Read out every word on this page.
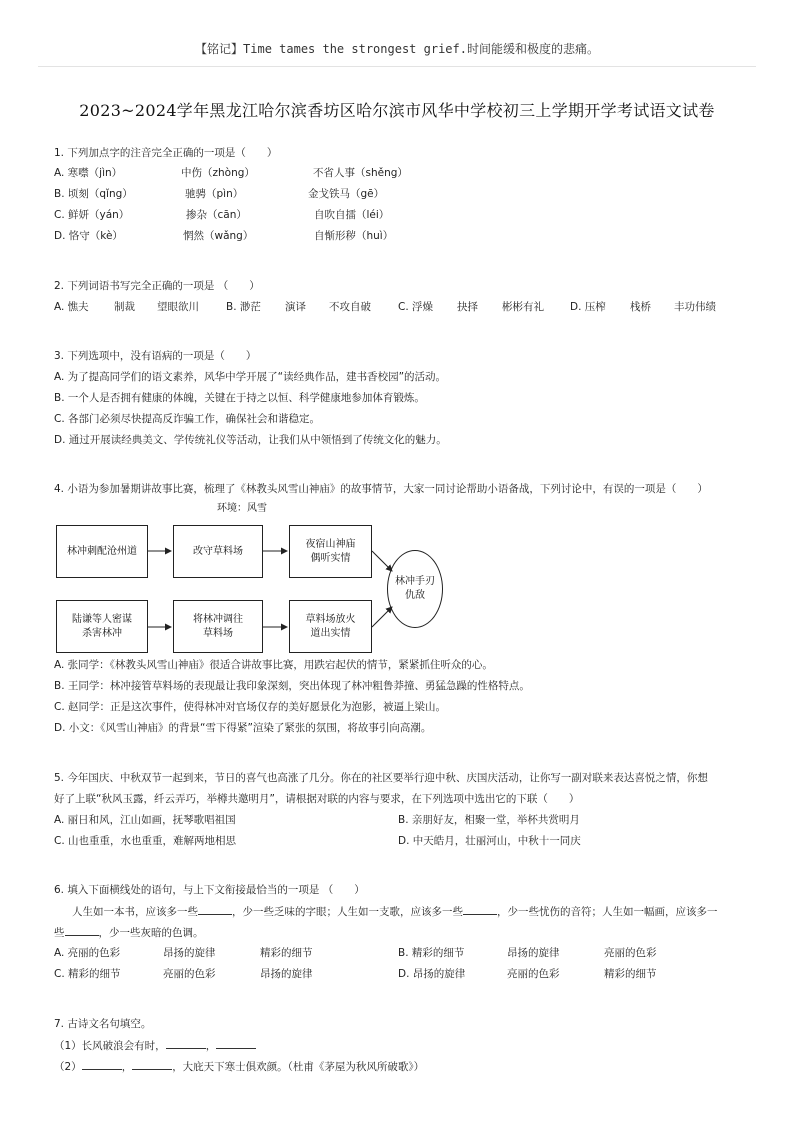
【铭记】Time tames the strongest grief.时间能缓和极度的悲痛。
2023~2024学年黑龙江哈尔滨香坊区哈尔滨市风华中学校初三上学期开学考试语文试卷
1. 下列加点字的注音完全正确的一项是（　　）
A. 寒噤（jìn）	中伤（zhòng）	不省人事（shěng）
B. 顷刻（qǐng）	驰骋（pìn）	金戈铁马（gē）
C. 鲜妍（yán）	掺杂（cān）	自吹自擂（léi）
D. 恪守（kè）	惘然（wǎng）	自惭形秽（huì）
2. 下列词语书写完全正确的一项是 （　　）
A. 憔夫 制裁 望眼欲川	B. 渺茫 演译 不攻自破	C. 浮燥 抉择 彬彬有礼 D. 压榨 栈桥 丰功伟绩
3. 下列选项中，没有语病的一项是（　　）
A. 为了提高同学们的语文素养，风华中学开展了“读经典作品，建书香校园”的活动。
B. 一个人是否拥有健康的体魄，关键在于持之以恒、科学健康地参加体育锻炼。
C. 各部门必须尽快提高反诈骗工作，确保社会和谐稳定。
D. 通过开展读经典美文、学传统礼仪等活动，让我们从中领悟到了传统文化的魅力。
4. 小语为参加暑期讲故事比赛，梳理了《林教头风雪山神庙》的故事情节，大家一同讨论帮助小语备战，下列讨论中，有误的一项是（　　）
环境：风雪
林冲刺配沧州道	改守草料场
夜宿山神庙
偶听实情
陆谦等人密谋
杀害林冲
将林冲调往
草料场
草料场放火
道出实情
林冲手刃
仇敌
A. 张同学：《林教头风雪山神庙》很适合讲故事比赛，用跌宕起伏的情节，紧紧抓住听众的心。
B. 王同学：林冲接管草料场的表现最让我印象深刻，突出体现了林冲粗鲁莽撞、勇猛急躁的性格特点。
C. 赵同学：正是这次事件，使得林冲对官场仅存的美好愿景化为泡影，被逼上梁山。
D. 小文：《风雪山神庙》的背景“雪下得紧”渲染了紧张的氛围，将故事引向高潮。
5. 今年国庆、中秋双节一起到来，节日的喜气也高涨了几分。你在的社区要举行迎中秋、庆国庆活动，让你写一副对联来表达喜悦之情，你想
好了上联“秋风玉露，纤云弄巧，举樽共邀明月”，请根据对联的内容与要求，在下列选项中选出它的下联（　　）
A. 丽日和风，江山如画，抚琴歌唱祖国	B. 亲朋好友，相聚一堂，举杯共赏明月
C. 山也重重，水也重重，难解两地相思	D. 中天皓月，壮丽河山，中秋十一同庆
6. 填入下面横线处的语句，与上下文衔接最恰当的一项是 （　　）
人生如一本书，应该多一些	，少一些乏味的字眼；人生如一支歌，应该多一些	，少一些忧伤的音符；人生如一幅画，应该多一
些	，少一些灰暗的色调。
A. 亮丽的色彩	昂扬的旋律	精彩的细节	B. 精彩的细节	昂扬的旋律	亮丽的色彩
C. 精彩的细节	亮丽的色彩	昂扬的旋律	D. 昂扬的旋律	亮丽的色彩	精彩的细节
7. 古诗文名句填空。
（1）长风破浪会有时，	，
（2）	，	，大庇天下寒士俱欢颜。（杜甫《茅屋为秋风所破歌》）
